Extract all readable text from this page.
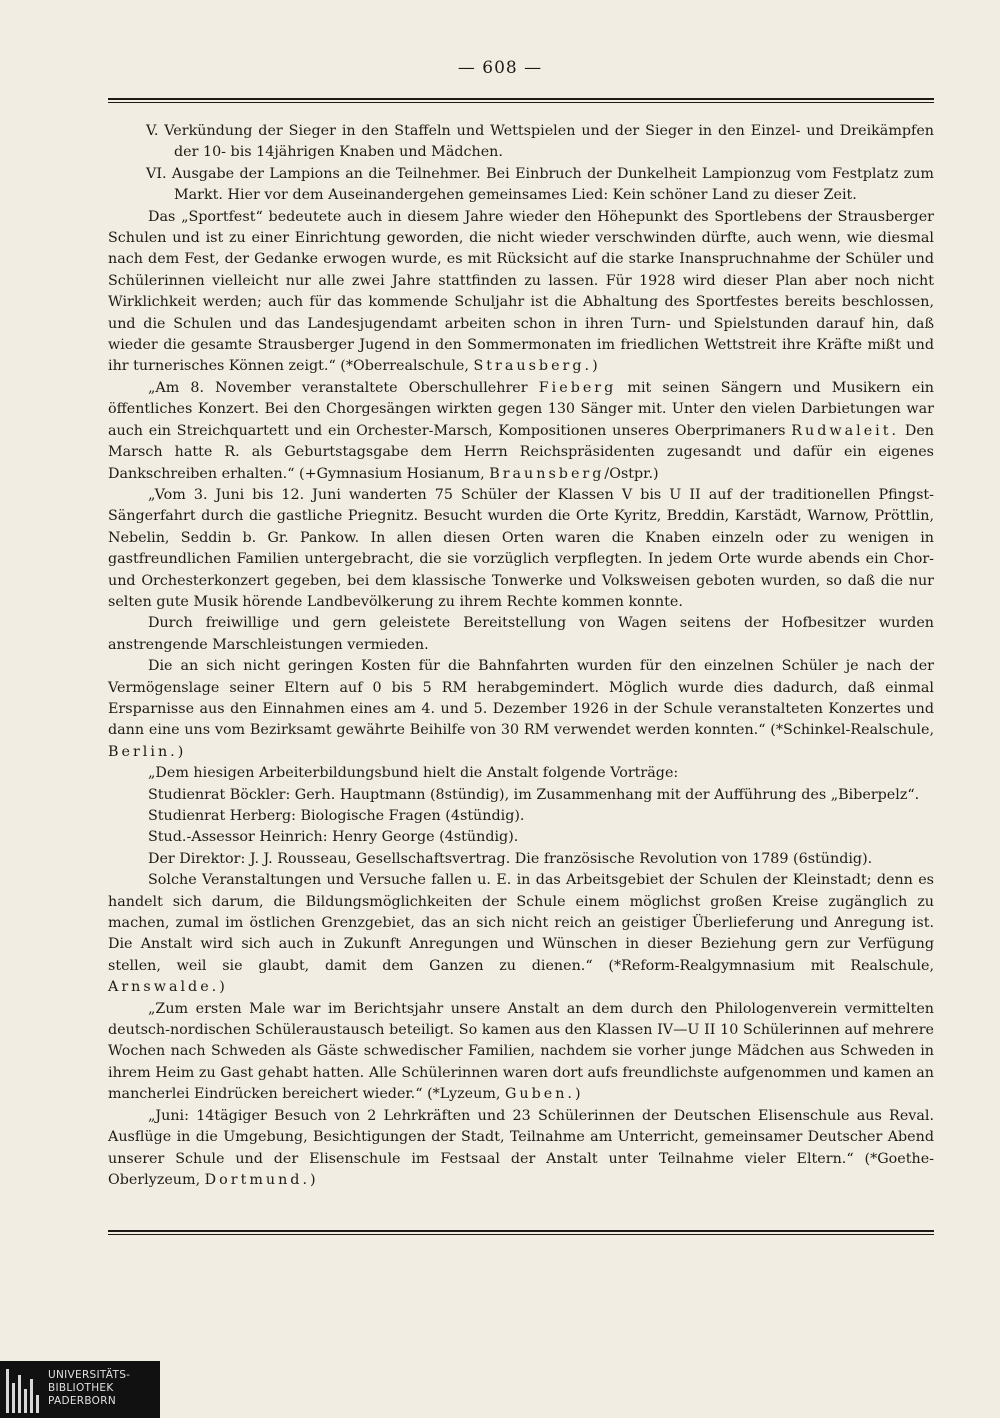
— 608 —

V. Verkündung der Sieger in den Staffeln und Wettspielen und der Sieger in den Einzel- und Dreikämpfen der 10- bis 14jährigen Knaben und Mädchen.

VI. Ausgabe der Lampions an die Teilnehmer. Bei Einbruch der Dunkelheit Lampionzug vom Festplatz zum Markt. Hier vor dem Auseinandergehen gemeinsames Lied: Kein schöner Land zu dieser Zeit.

Das „Sportfest“ bedeutete auch in diesem Jahre wieder den Höhepunkt des Sportlebens der Strausberger Schulen und ist zu einer Einrichtung geworden, die nicht wieder verschwinden dürfte, auch wenn, wie diesmal nach dem Fest, der Gedanke erwogen wurde, es mit Rücksicht auf die starke Inanspruchnahme der Schüler und Schülerinnen vielleicht nur alle zwei Jahre stattfinden zu lassen. Für 1928 wird dieser Plan aber noch nicht Wirklichkeit werden; auch für das kommende Schuljahr ist die Abhaltung des Sportfestes bereits beschlossen, und die Schulen und das Landesjugendamt arbeiten schon in ihren Turn- und Spielstunden darauf hin, daß wieder die gesamte Strausberger Jugend in den Sommermonaten im friedlichen Wettstreit ihre Kräfte mißt und ihr turnerisches Können zeigt.“ (*Oberrealschule, Strausberg.)

„Am 8. November veranstaltete Oberschullehrer Fieberg mit seinen Sängern und Musikern ein öffentliches Konzert. Bei den Chorgesängen wirkten gegen 130 Sänger mit. Unter den vielen Darbietungen war auch ein Streichquartett und ein Orchester-Marsch, Kompositionen unseres Oberprimaners Rudwaleit. Den Marsch hatte R. als Geburtstagsgabe dem Herrn Reichspräsidenten zugesandt und dafür ein eigenes Dankschreiben erhalten.“ (+Gymnasium Hosianum, Braunsberg/Ostpr.)

„Vom 3. Juni bis 12. Juni wanderten 75 Schüler der Klassen V bis U II auf der traditionellen Pfingst-Sängerfahrt durch die gastliche Priegnitz. Besucht wurden die Orte Kyritz, Breddin, Karstädt, Warnow, Pröttlin, Nebelin, Seddin b. Gr. Pankow. In allen diesen Orten waren die Knaben einzeln oder zu wenigen in gastfreundlichen Familien untergebracht, die sie vorzüglich verpflegten. In jedem Orte wurde abends ein Chor- und Orchesterkonzert gegeben, bei dem klassische Tonwerke und Volksweisen geboten wurden, so daß die nur selten gute Musik hörende Landbevölkerung zu ihrem Rechte kommen konnte.

Durch freiwillige und gern geleistete Bereitstellung von Wagen seitens der Hofbesitzer wurden anstrengende Marschleistungen vermieden.

Die an sich nicht geringen Kosten für die Bahnfahrten wurden für den einzelnen Schüler je nach der Vermögenslage seiner Eltern auf 0 bis 5 RM herabgemindert. Möglich wurde dies dadurch, daß einmal Ersparnisse aus den Einnahmen eines am 4. und 5. Dezember 1926 in der Schule veranstalteten Konzertes und dann eine uns vom Bezirksamt gewährte Beihilfe von 30 RM verwendet werden konnten.“ (*Schinkel-Realschule, Berlin.)

„Dem hiesigen Arbeiterbildungsbund hielt die Anstalt folgende Vorträge:

Studienrat Böckler: Gerh. Hauptmann (8stündig), im Zusammenhang mit der Aufführung des „Biberpelz“.

Studienrat Herberg: Biologische Fragen (4stündig).

Stud.-Assessor Heinrich: Henry George (4stündig).

Der Direktor: J. J. Rousseau, Gesellschaftsvertrag. Die französische Revolution von 1789 (6stündig).

Solche Veranstaltungen und Versuche fallen u. E. in das Arbeitsgebiet der Schulen der Kleinstadt; denn es handelt sich darum, die Bildungsmöglichkeiten der Schule einem möglichst großen Kreise zugänglich zu machen, zumal im östlichen Grenzgebiet, das an sich nicht reich an geistiger Überlieferung und Anregung ist. Die Anstalt wird sich auch in Zukunft Anregungen und Wünschen in dieser Beziehung gern zur Verfügung stellen, weil sie glaubt, damit dem Ganzen zu dienen.“ (*Reform-Realgymnasium mit Realschule, Arnswalde.)

„Zum ersten Male war im Berichtsjahr unsere Anstalt an dem durch den Philologenverein vermittelten deutsch-nordischen Schüleraustausch beteiligt. So kamen aus den Klassen IV—U II 10 Schülerinnen auf mehrere Wochen nach Schweden als Gäste schwedischer Familien, nachdem sie vorher junge Mädchen aus Schweden in ihrem Heim zu Gast gehabt hatten. Alle Schülerinnen waren dort aufs freundlichste aufgenommen und kamen an mancherlei Eindrücken bereichert wieder.“ (*Lyzeum, Guben.)

„Juni: 14tägiger Besuch von 2 Lehrkräften und 23 Schülerinnen der Deutschen Elisenschule aus Reval. Ausflüge in die Umgebung, Besichtigungen der Stadt, Teilnahme am Unterricht, gemeinsamer Deutscher Abend unserer Schule und der Elisenschule im Festsaal der Anstalt unter Teilnahme vieler Eltern.“ (*Goethe-Oberlyzeum, Dortmund.)

UNIVERSITÄTS-
BIBLIOTHEK
PADERBORN
